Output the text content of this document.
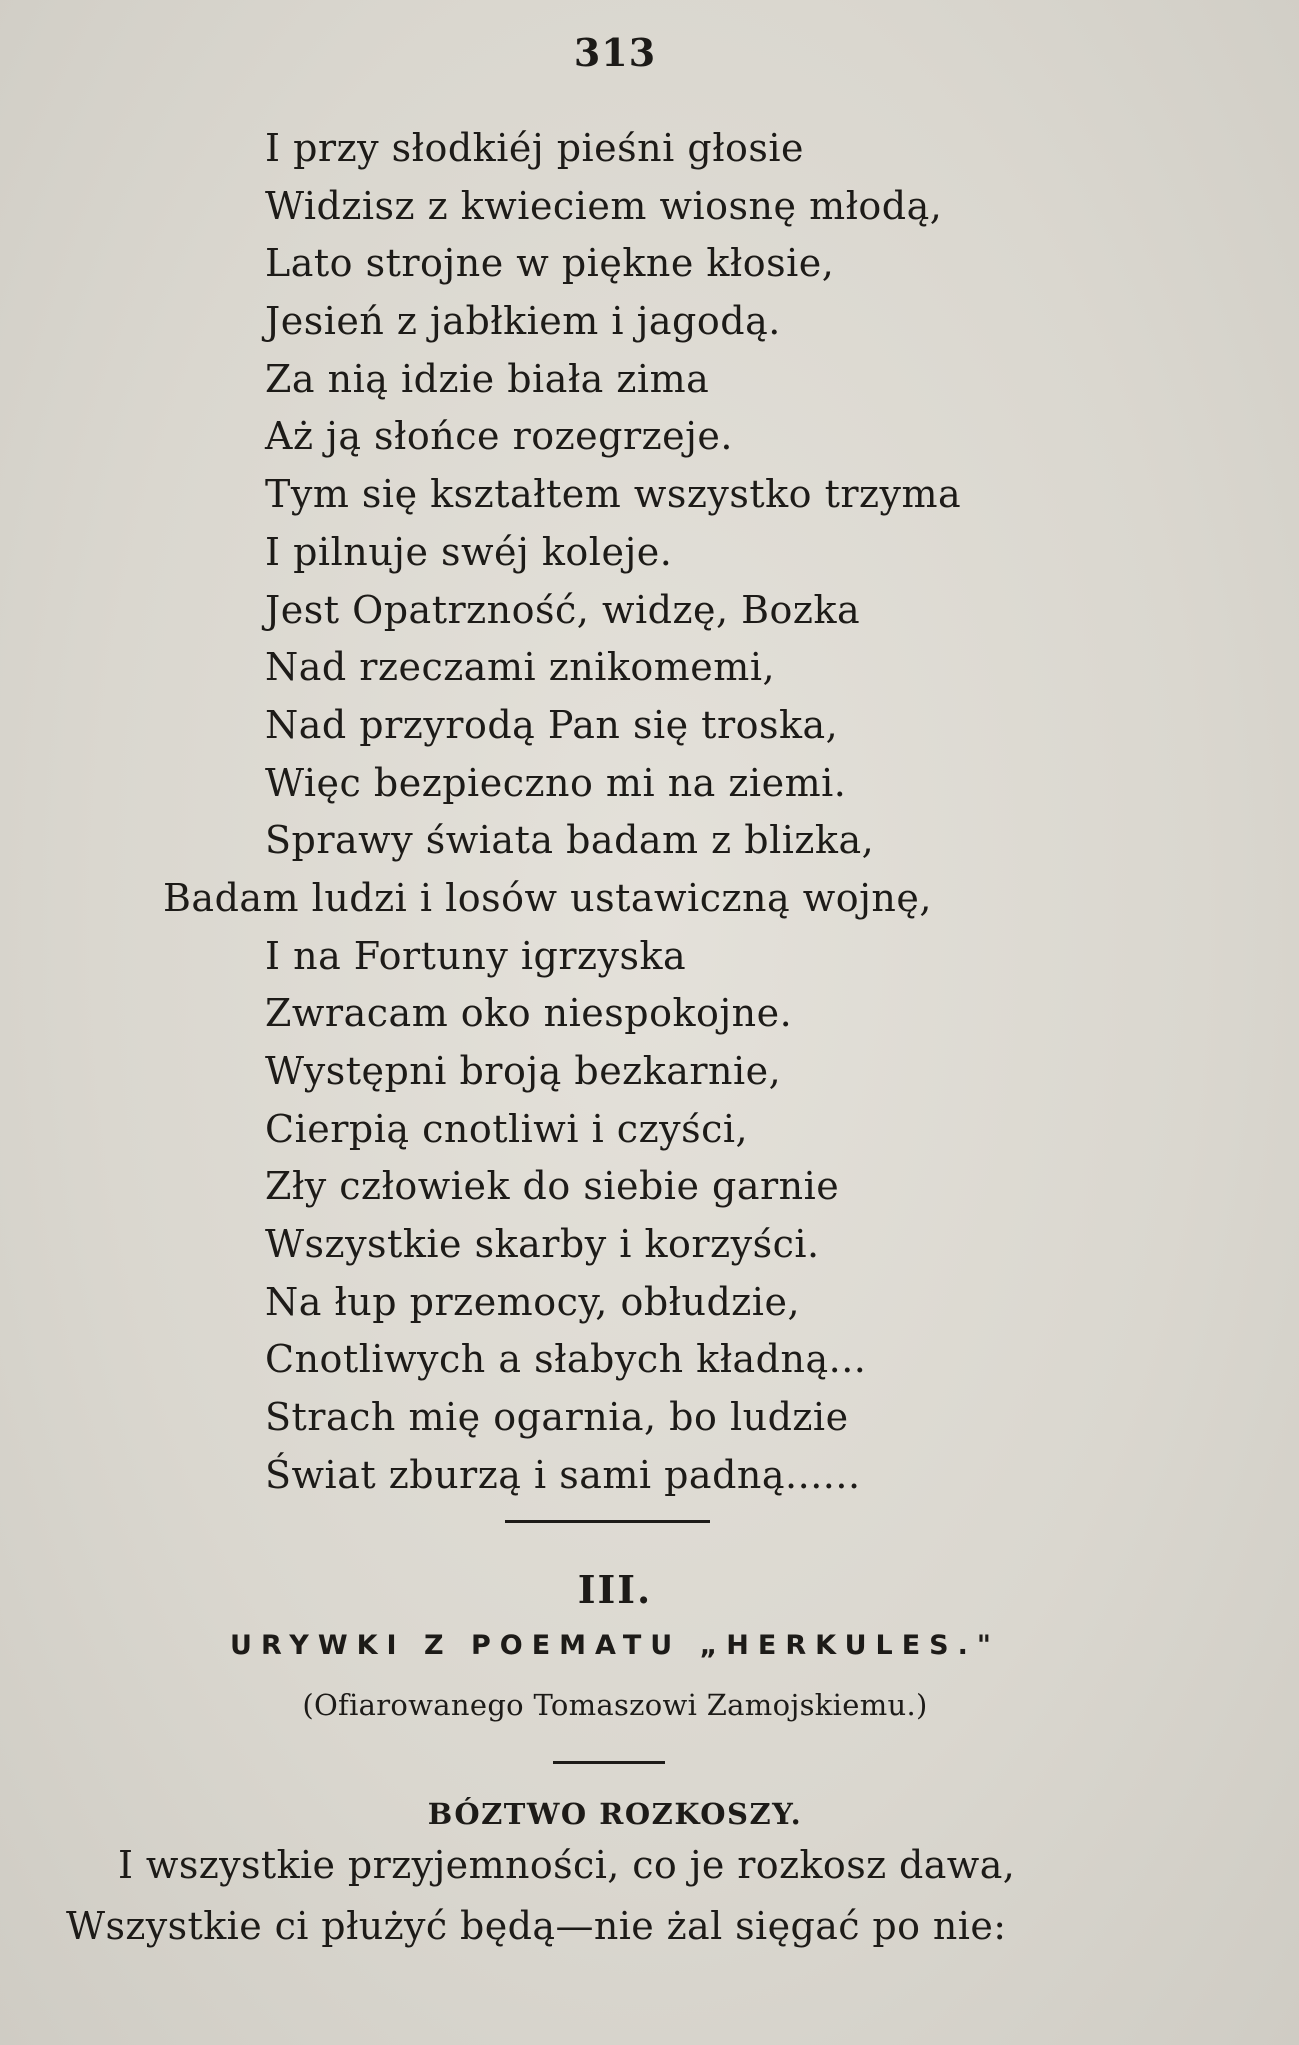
313
I przy słodkiéj pieśni głosie
Widzisz z kwieciem wiosnę młodą,
Lato strojne w piękne kłosie,
Jesień z jabłkiem i jagodą.
Za nią idzie biała zima
Aż ją słońce rozegrzeje.
Tym się kształtem wszystko trzyma
I pilnuje swéj koleje.
Jest Opatrzność, widzę, Bozka
Nad rzeczami znikomemi,
Nad przyrodą Pan się troska,
Więc bezpieczno mi na ziemi.
Sprawy świata badam z blizka,
Badam ludzi i losów ustawiczną wojnę,
I na Fortuny igrzyska
Zwracam oko niespokojne.
Występni broją bezkarnie,
Cierpią cnotliwi i czyści,
Zły człowiek do siebie garnie
Wszystkie skarby i korzyści.
Na łup przemocy, obłudzie,
Cnotliwych a słabych kładną...
Strach mię ogarnia, bo ludzie
Świat zburzą i sami padną......
III.
URYWKI Z POEMATU „HERKULES."
(Ofiarowanego Tomaszowi Zamojskiemu.)
BÓZTWO ROZKOSZY.
I wszystkie przyjemności, co je rozkosz dawa,
Wszystkie ci płużyć będą—nie żal sięgać po nie:
